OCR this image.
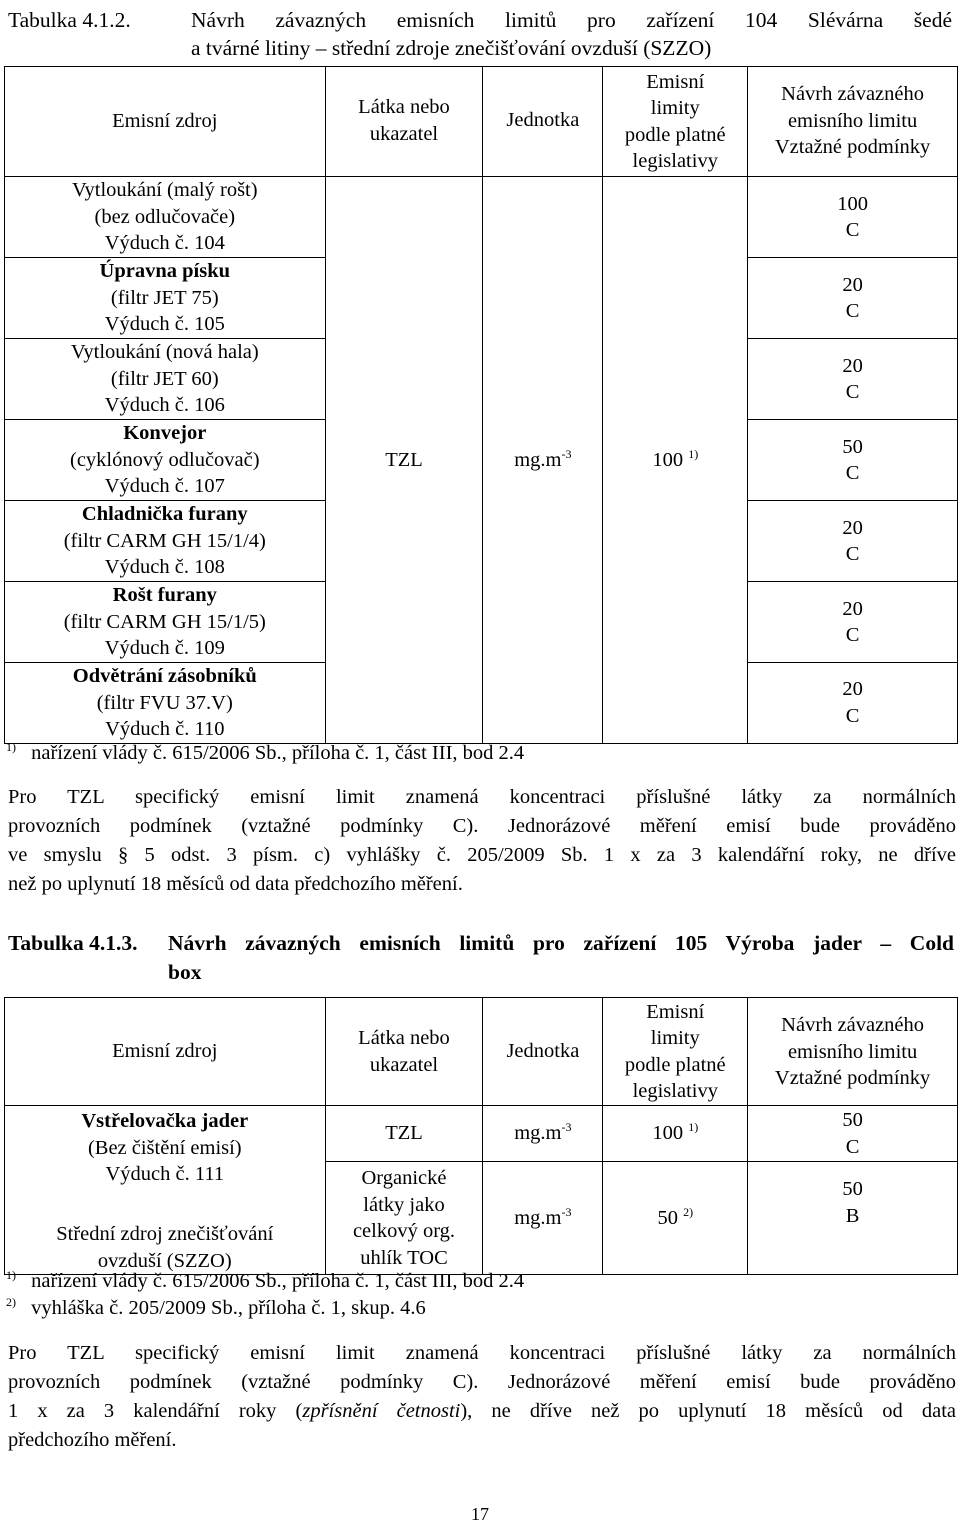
Tabulka 4.1.2.	Návrh závazných emisních limitů pro zařízení 104 Slévárna šedé
a tvárné litiny – střední zdroje znečišťování ovzduší (SZZO)
Emisní zdroj	Látka nebo
ukazatel	Jednotka	Emisní
limity
podle platné
legislativy	Návrh závazného
emisního limitu
Vztažné podmínky
Vytloukání (malý rošt)
(bez odlučovače)
Výduch č. 104	TZL	$mg.m^{-3}$	100 $^{1)}$	100
C
Úpravna písku
(filtr JET 75)
Výduch č. 105				20
C
Vytloukání (nová hala)
(filtr JET 60)
Výduch č. 106				20
C
Konvejor
(cyklónový odlučovač)
Výduch č. 107				50
C
Chladnička furany
(filtr CARM GH 15/1/4)
Výduch č. 108				20
C
Rošt furany
(filtr CARM GH 15/1/5)
Výduch č. 109				20
C
Odvětrání zásobníků
(filtr FVU 37.V)
Výduch č. 110				20
C
$^{1)}$ nařízení vlády č. 615/2006 Sb., příloha č. 1, část III, bod 2.4
Pro TZL specifický emisní limit znamená koncentraci příslušné látky za normálních
provozních podmínek (vztažné podmínky C). Jednorázové měření emisí bude prováděno
ve smyslu § 5 odst. 3 písm. c) vyhlášky č. 205/2009 Sb. 1 x za 3 kalendářní roky, ne dříve
než po uplynutí 18 měsíců od data předchozího měření.
Tabulka 4.1.3. Návrh závazných emisních limitů pro zařízení 105 Výroba jader – Cold
box
Emisní zdroj	Látka nebo
ukazatel	Jednotka	Emisní
limity
podle platné
legislativy	Návrh závazného
emisního limitu
Vztažné podmínky
Vstřelovačka jader
(Bez čištění emisí)
Výduch č. 111

Střední zdroj znečišťování
ovzduší (SZZO)	TZL	$mg.m^{-3}$	100 $^{1)}$	50
C
	Organické
látky jako
celkový org.
uhlík TOC	$mg.m^{-3}$	50 $^{2)}$	50
B
$^{1)}$ nařízení vlády č. 615/2006 Sb., příloha č. 1, část III, bod 2.4
$^{2)}$ vyhláška č. 205/2009 Sb., příloha č. 1, skup. 4.6
Pro TZL specifický emisní limit znamená koncentraci příslušné látky za normálních
provozních podmínek (vztažné podmínky C). Jednorázové měření emisí bude prováděno
1 x za 3 kalendářní roky (zpřísnění četnosti), ne dříve než po uplynutí 18 měsíců od data
předchozího měření.
17
